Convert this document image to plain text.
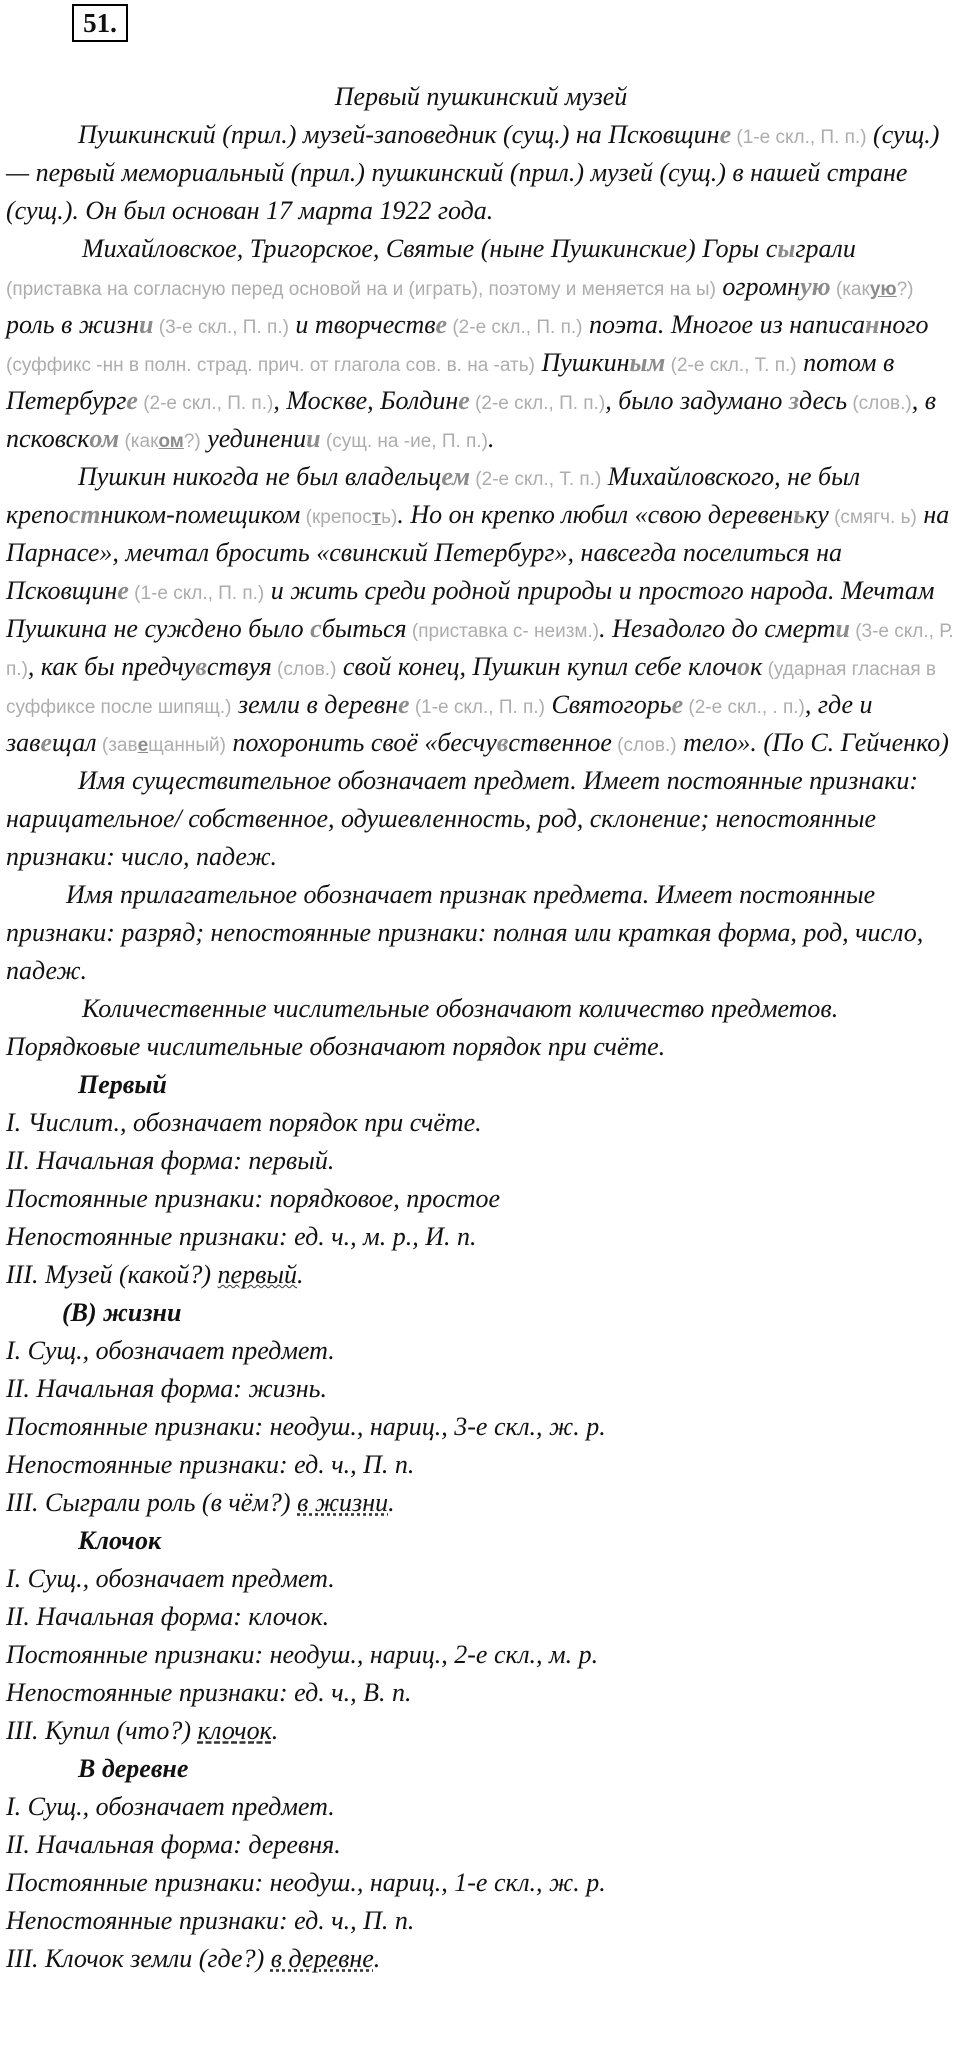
51.

Первый пушкинский музей

Пушкинский (прил.) музей-заповедник (сущ.) на Псковщине (1-е скл., П. п.) (сущ.) — первый мемориальный (прил.) пушкинский (прил.) музей (сущ.) в нашей стране (сущ.). Он был основан 17 марта 1922 года.

Михайловское, Тригорское, Святые (ныне Пушкинские) Горы сыграли (приставка на согласную перед основой на и (играть), поэтому и меняется на ы) огромную (какую?) роль в жизни (3-е скл., П. п.) и творчестве (2-е скл., П. п.) поэта. Многое из написанного (суффикс -нн в полн. страд. прич. от глагола сов. в. на -ать) Пушкиным (2-е скл., Т. п.) потом в Петербурге (2-е скл., П. п.), Москве, Болдине (2-е скл., П. п.), было задумано здесь (слов.), в псковском (каком?) уединении (сущ. на -ие, П. п.).

Пушкин никогда не был владельцем (2-е скл., Т. п.) Михайловского, не был крепостником-помещиком (крепость). Но он крепко любил «свою деревеньку (смягч. ь) на Парнасе», мечтал бросить «свинский Петербург», навсегда поселиться на Псковщине (1-е скл., П. п.) и жить среди родной природы и простого народа. Мечтам Пушкина не суждено было сбыться (приставка с- неизм.). Незадолго до смерти (3-е скл., Р. п.), как бы предчувствуя (слов.) свой конец, Пушкин купил себе клочок (ударная гласная в суффиксе после шипящ.) земли в деревне (1-е скл., П. п.) Святогорье (2-е скл., . п.), где и завещал (завещанный) похоронить своё «бесчувственное (слов.) тело». (По С. Гейченко)

Имя существительное обозначает предмет. Имеет постоянные признаки: нарицательное/ собственное, одушевленность, род, склонение; непостоянные признаки: число, падеж.

Имя прилагательное обозначает признак предмета. Имеет постоянные признаки: разряд; непостоянные признаки: полная или краткая форма, род, число, падеж.

Количественные числительные обозначают количество предметов. Порядковые числительные обозначают порядок при счёте.

Первый

I. Числит., обозначает порядок при счёте.

II. Начальная форма: первый.

Постоянные признаки: порядковое, простое

Непостоянные признаки: ед. ч., м. р., И. п.

III. Музей (какой?) первый.

(В) жизни

I. Сущ., обозначает предмет.

II. Начальная форма: жизнь.

Постоянные признаки: неодуш., нариц., 3-е скл., ж. р.

Непостоянные признаки: ед. ч., П. п.

III. Сыграли роль (в чём?) в жизни.

Клочок

I. Сущ., обозначает предмет.

II. Начальная форма: клочок.

Постоянные признаки: неодуш., нариц., 2-е скл., м. р.

Непостоянные признаки: ед. ч., В. п.

III. Купил (что?) клочок.

В деревне

I. Сущ., обозначает предмет.

II. Начальная форма: деревня.

Постоянные признаки: неодуш., нариц., 1-е скл., ж. р.

Непостоянные признаки: ед. ч., П. п.

III. Клочок земли (где?) в деревне.
